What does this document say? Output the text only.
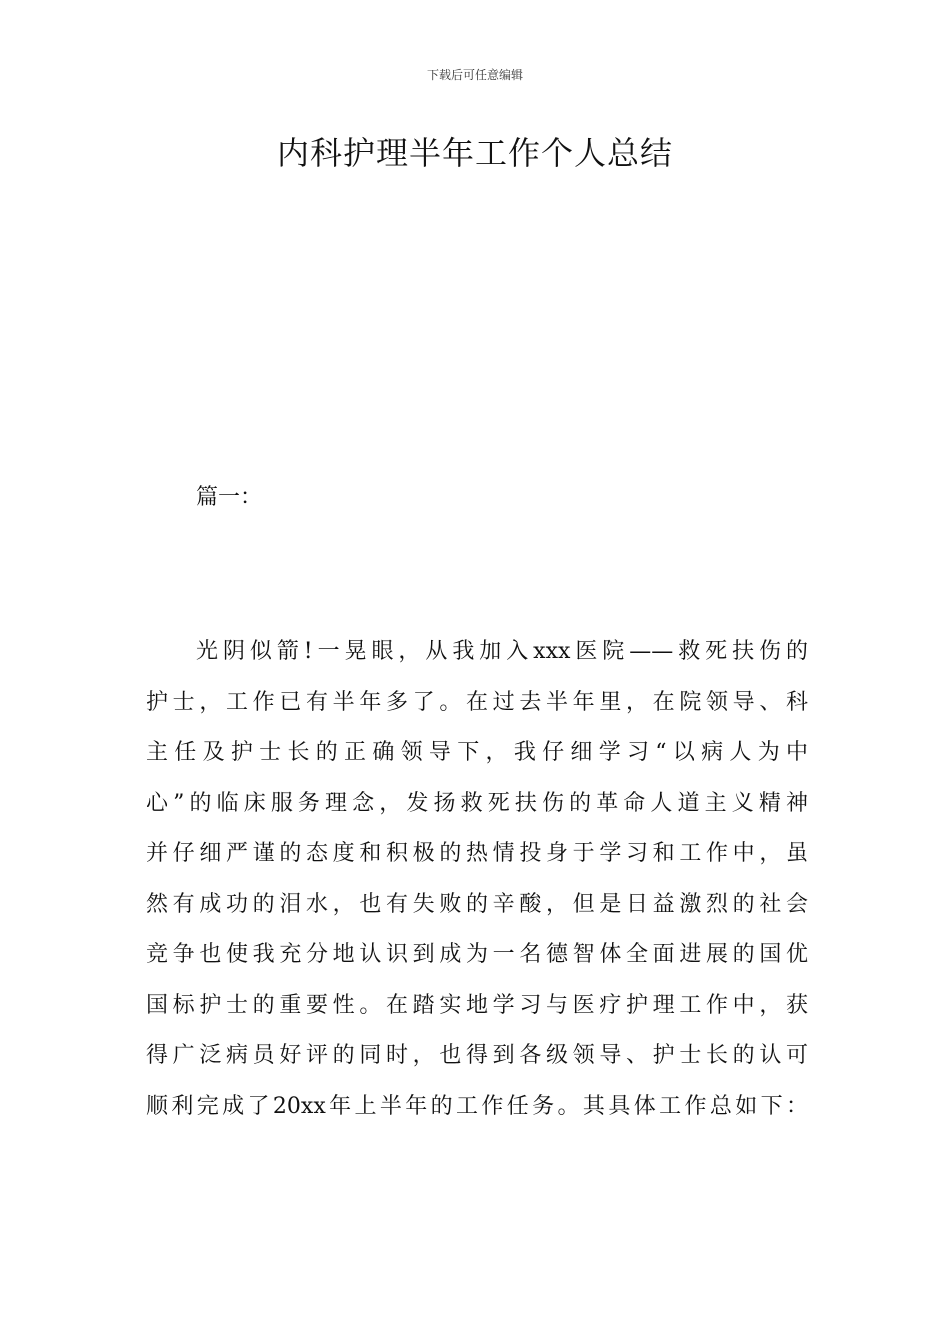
下载后可任意编辑
内科护理半年工作个人总结
篇一：
光阴似箭!一晃眼，从我加入xxx医院——救死扶伤的
护士，工作已有半年多了。在过去半年里，在院领导、科
主任及护士长的正确领导下，我仔细学习“以病人为中
心”的临床服务理念，发扬救死扶伤的革命人道主义精神
并仔细严谨的态度和积极的热情投身于学习和工作中，虽
然有成功的泪水，也有失败的辛酸，但是日益激烈的社会
竞争也使我充分地认识到成为一名德智体全面进展的国优
国标护士的重要性。在踏实地学习与医疗护理工作中，获
得广泛病员好评的同时，也得到各级领导、护士长的认可
顺利完成了20xx年上半年的工作任务。其具体工作总如下：
